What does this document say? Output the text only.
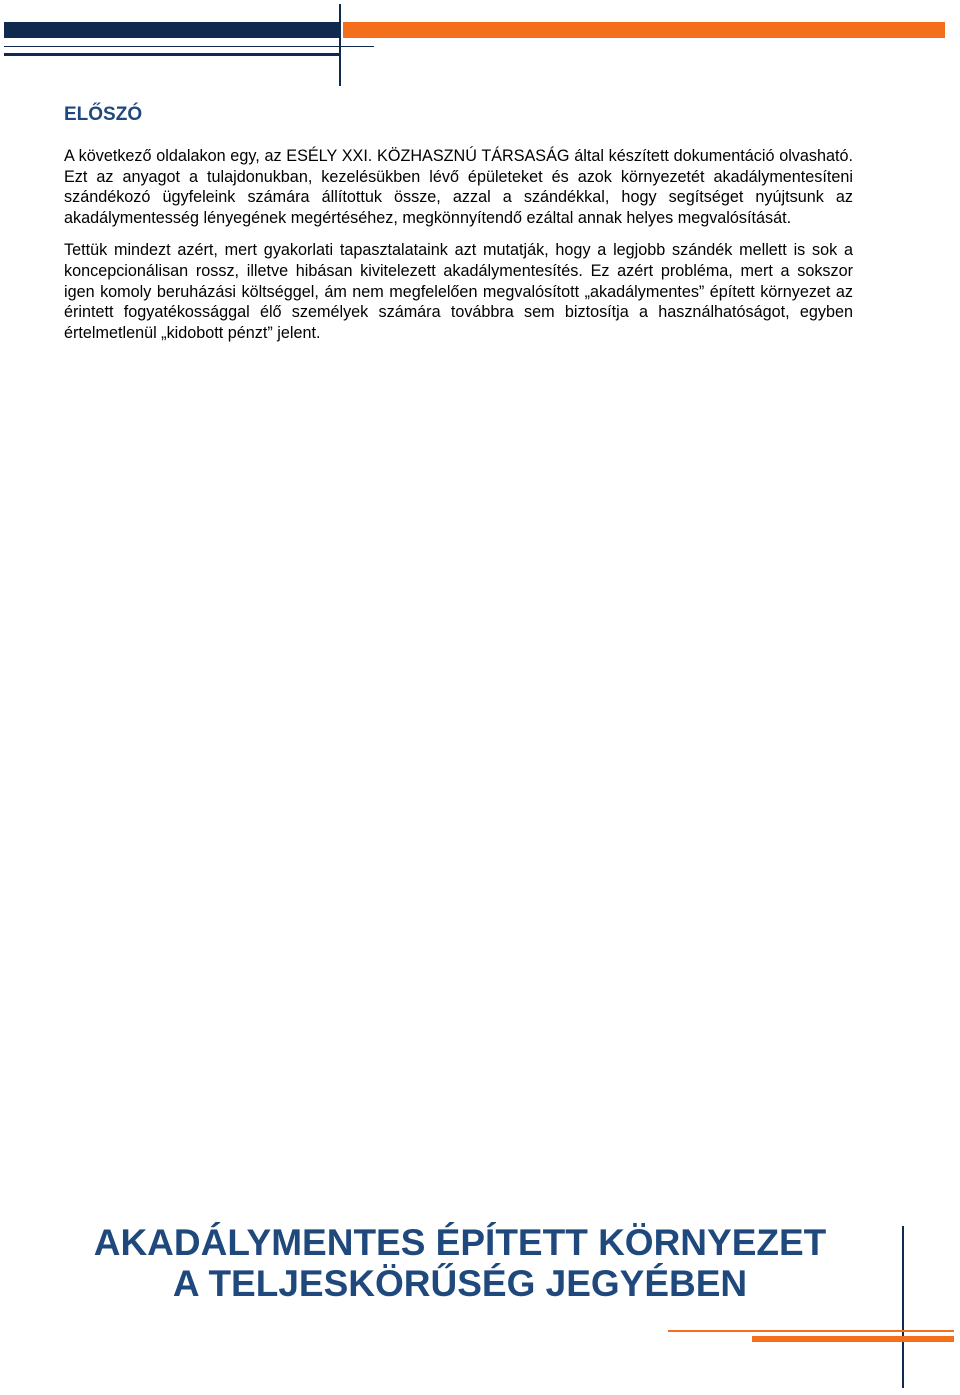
ELŐSZÓ

A következő oldalakon egy, az ESÉLY XXI. KÖZHASZNÚ TÁRSASÁG által készített dokumentáció olvasható. Ezt az anyagot a tulajdonukban, kezelésükben lévő épületeket és azok környezetét akadálymentesíteni szándékozó ügyfeleink számára állítottuk össze, azzal a szándékkal, hogy segítséget nyújtsunk az akadálymentesség lényegének megértéséhez, megkönnyítendő ezáltal annak helyes megvalósítását.

Tettük mindezt azért, mert gyakorlati tapasztalataink azt mutatják, hogy a legjobb szándék mellett is sok a koncepcionálisan rossz, illetve hibásan kivitelezett akadálymentesítés. Ez azért probléma, mert a sokszor igen komoly beruházási költséggel, ám nem megfelelően megvalósított „akadálymentes” épített környezet az érintett fogyatékossággal élő személyek számára továbbra sem biztosítja a használhatóságot, egyben értelmetlenül „kidobott pénzt” jelent.

AKADÁLYMENTES ÉPÍTETT KÖRNYEZET
A TELJESKÖRŰSÉG JEGYÉBEN
